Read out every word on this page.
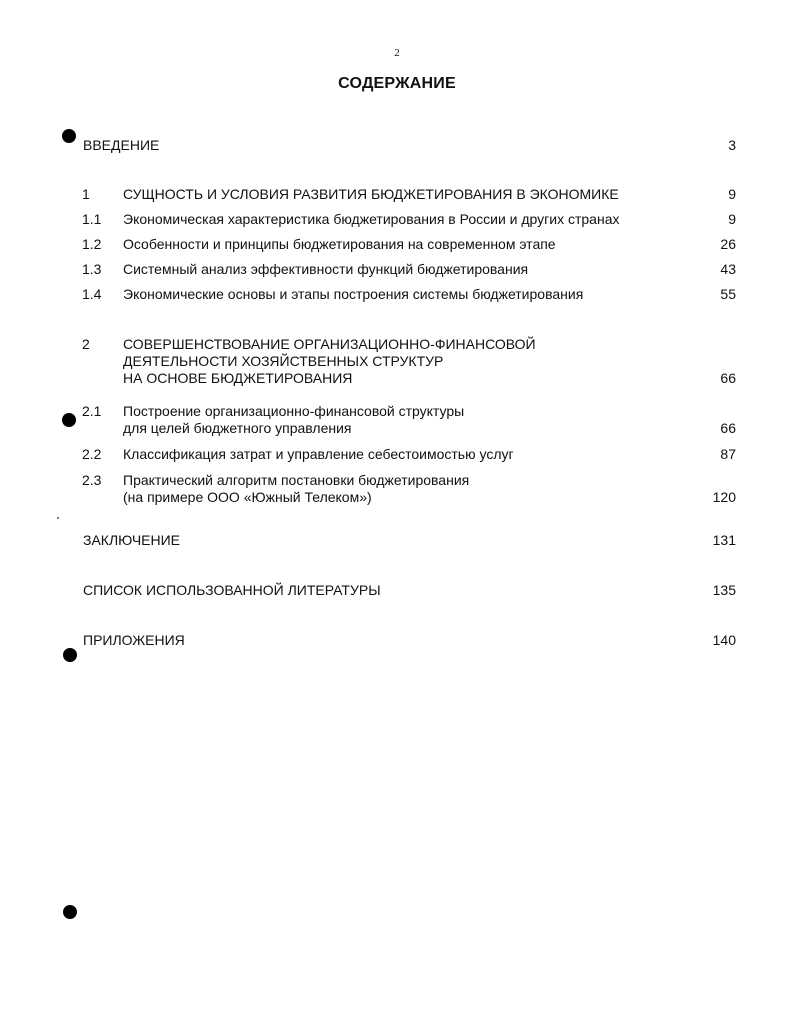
2
СОДЕРЖАНИЕ
ВВЕДЕНИЕ	3
1 СУЩНОСТЬ И УСЛОВИЯ РАЗВИТИЯ БЮДЖЕТИРОВАНИЯ В ЭКОНОМИКЕ	9
1.1 Экономическая характеристика бюджетирования в России и других странах	9
1.2 Особенности и принципы бюджетирования на современном этапе	26
1.3 Системный анализ эффективности функций бюджетирования	43
1.4 Экономические основы и этапы построения системы бюджетирования	55
2 СОВЕРШЕНСТВОВАНИЕ ОРГАНИЗАЦИОННО-ФИНАНСОВОЙ
ДЕЯТЕЛЬНОСТИ ХОЗЯЙСТВЕННЫХ СТРУКТУР
НА ОСНОВЕ БЮДЖЕТИРОВАНИЯ	66
2.1 Построение организационно-финансовой структуры
для целей бюджетного управления	66
2.2 Классификация затрат и управление себестоимостью услуг	87
2.3 Практический алгоритм постановки бюджетирования
(на примере ООО «Южный Телеком»)	120
ЗАКЛЮЧЕНИЕ	131
СПИСОК ИСПОЛЬЗОВАННОЙ ЛИТЕРАТУРЫ	135
ПРИЛОЖЕНИЯ	140
